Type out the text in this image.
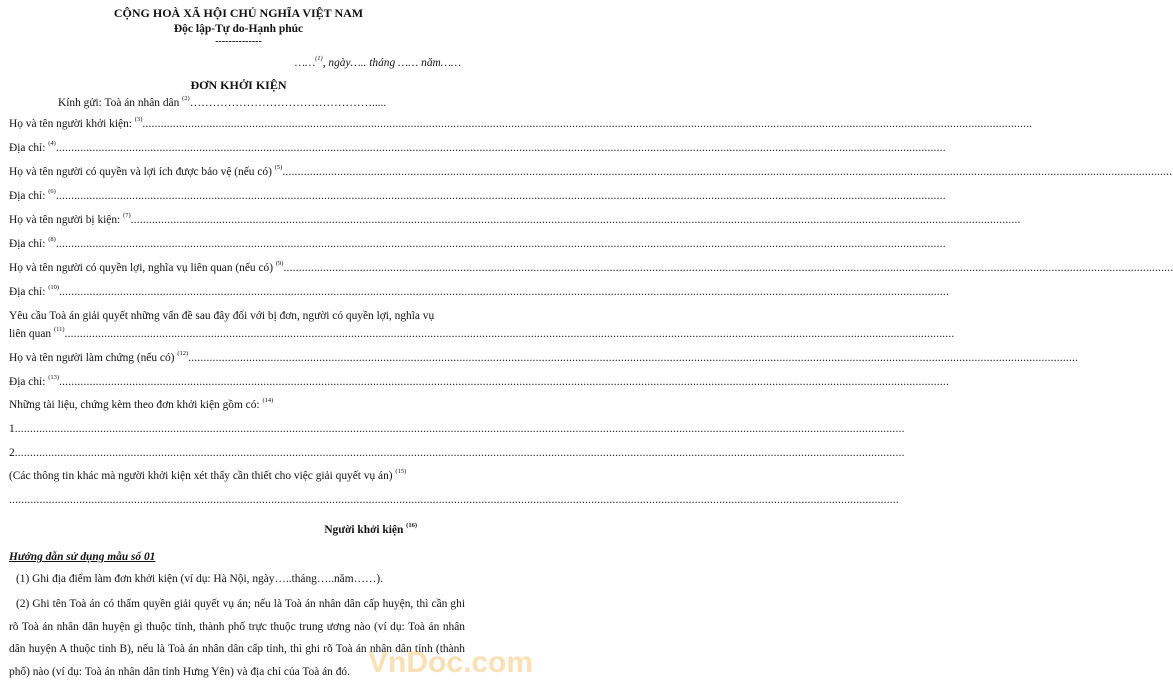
CỘNG HOÀ XÃ HỘI CHỦ NGHĨA VIỆT NAM
Độc lập-Tự do-Hạnh phúc
--------------
……$^{(1)}$, ngày….. tháng …… năm……
ĐƠN KHỞI KIỆN
Kính gửi: Toà án nhân dân $^{(2)}$………………………………………….....
Họ và tên người khởi kiện: $^{(3)}$
.....
Địa chỉ: $^{(4)}$
.....
Họ và tên người có quyền và lợi ích được bảo vệ (nếu có) $^{(5)}$
.....
Địa chỉ: $^{(6)}$
.....
Họ và tên người bị kiện: $^{(7)}$
.....
Địa chỉ: $^{(8)}$
.....
Họ và tên người có quyền lợi, nghĩa vụ liên quan (nếu có) $^{(9)}$
.....
Địa chỉ: $^{(10)}$
.....
Yêu cầu Toà án giải quyết những vấn đề sau đây đối với bị đơn, người có quyền lợi, nghĩa vụ
liên quan $^{(11)}$
.....
Họ và tên người làm chứng (nếu có) $^{(12)}$
.....
Địa chỉ: $^{(13)}$
.....
Những tài liệu, chứng kèm theo đơn khởi kiện gồm có: $^{(14)}$
1
.....
2
.....
(Các thông tin khác mà người khởi kiện xét thấy cần thiết cho việc giải quyết vụ án) $^{(15)}$
.....
Người khởi kiện $^{(16)}$
Hướng dẫn sử dụng mẫu số 01
(1) Ghi địa điểm làm đơn khởi kiện (ví dụ: Hà Nội, ngày…..tháng…..năm……).
(2) Ghi tên Toà án có thẩm quyền giải quyết vụ án; nếu là Toà án nhân dân cấp huyện, thì cần ghi rõ Toà án nhân dân huyện gì thuộc tỉnh, thành phố trực thuộc trung ương nào (ví dụ: Toà án nhân dân huyện A thuộc tỉnh B), nếu là Toà án nhân dân cấp tỉnh, thì ghi rõ Toà án nhân dân tỉnh (thành phố) nào (ví dụ: Toà án nhân dân tỉnh Hưng Yên) và địa chỉ của Toà án đó. VnDoc.com
